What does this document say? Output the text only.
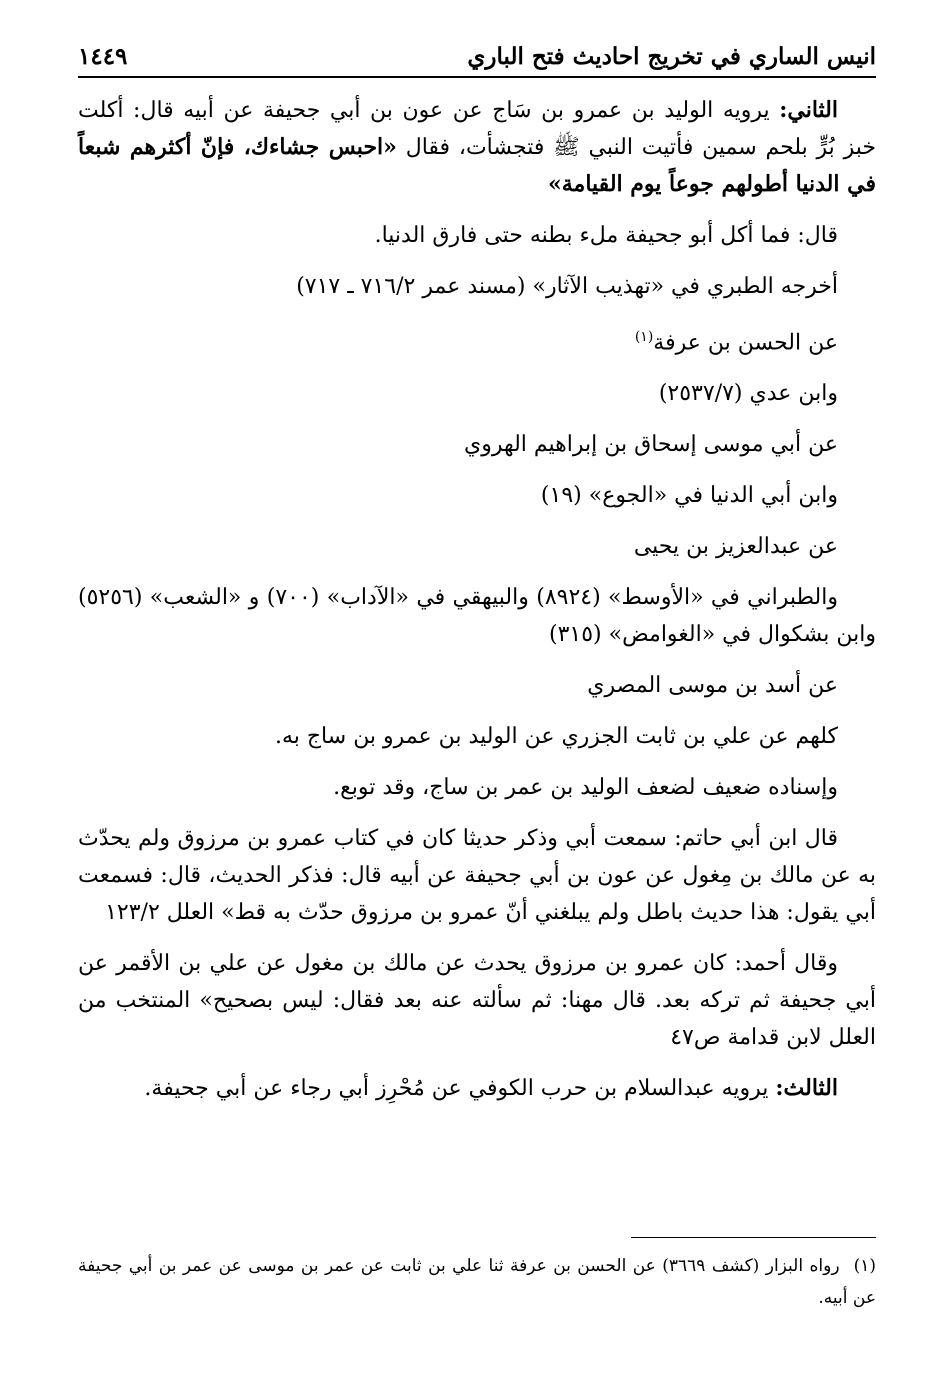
انيس الساري في تخريج احاديث فتح الباري
١٤٤٩

الثاني: يرويه الوليد بن عمرو بن سَاج عن عون بن أبي جحيفة عن أبيه قال: أكلت خبز بُرٍّ بلحم سمين فأتيت النبي ﷺ فتجشأت، فقال «احبس جشاءك، فإنّ أكثرهم شبعاً في الدنيا أطولهم جوعاً يوم القيامة»

قال: فما أكل أبو جحيفة ملء بطنه حتى فارق الدنيا.

أخرجه الطبري في «تهذيب الآثار» (مسند عمر ٧١٦/٢ ـ ٧١٧)

عن الحسن بن عرفة$^{(١)}$

وابن عدي (٢٥٣٧/٧)

عن أبي موسى إسحاق بن إبراهيم الهروي

وابن أبي الدنيا في «الجوع» (١٩)

عن عبدالعزيز بن يحيى

والطبراني في «الأوسط» (٨٩٢٤) والبيهقي في «الآداب» (٧٠٠) و «الشعب» (٥٢٥٦) وابن بشكوال في «الغوامض» (٣١٥)

عن أسد بن موسى المصري

كلهم عن علي بن ثابت الجزري عن الوليد بن عمرو بن ساج به.

وإسناده ضعيف لضعف الوليد بن عمر بن ساج، وقد توبع.

قال ابن أبي حاتم: سمعت أبي وذكر حديثا كان في كتاب عمرو بن مرزوق ولم يحدّث به عن مالك بن مِغول عن عون بن أبي جحيفة عن أبيه قال: فذكر الحديث، قال: فسمعت أبي يقول: هذا حديث باطل ولم يبلغني أنّ عمرو بن مرزوق حدّث به قط» العلل ١٢٣/٢

وقال أحمد: كان عمرو بن مرزوق يحدث عن مالك بن مغول عن علي بن الأقمر عن أبي جحيفة ثم تركه بعد. قال مهنا: ثم سألته عنه بعد فقال: ليس بصحيح» المنتخب من العلل لابن قدامة ص٤٧

الثالث: يرويه عبدالسلام بن حرب الكوفي عن مُحْرِز أبي رجاء عن أبي جحيفة.

(١)رواه البزار (كشف ٣٦٦٩) عن الحسن بن عرفة ثنا علي بن ثابت عن عمر بن موسى عن عمر بن أبي جحيفة عن أبيه.
